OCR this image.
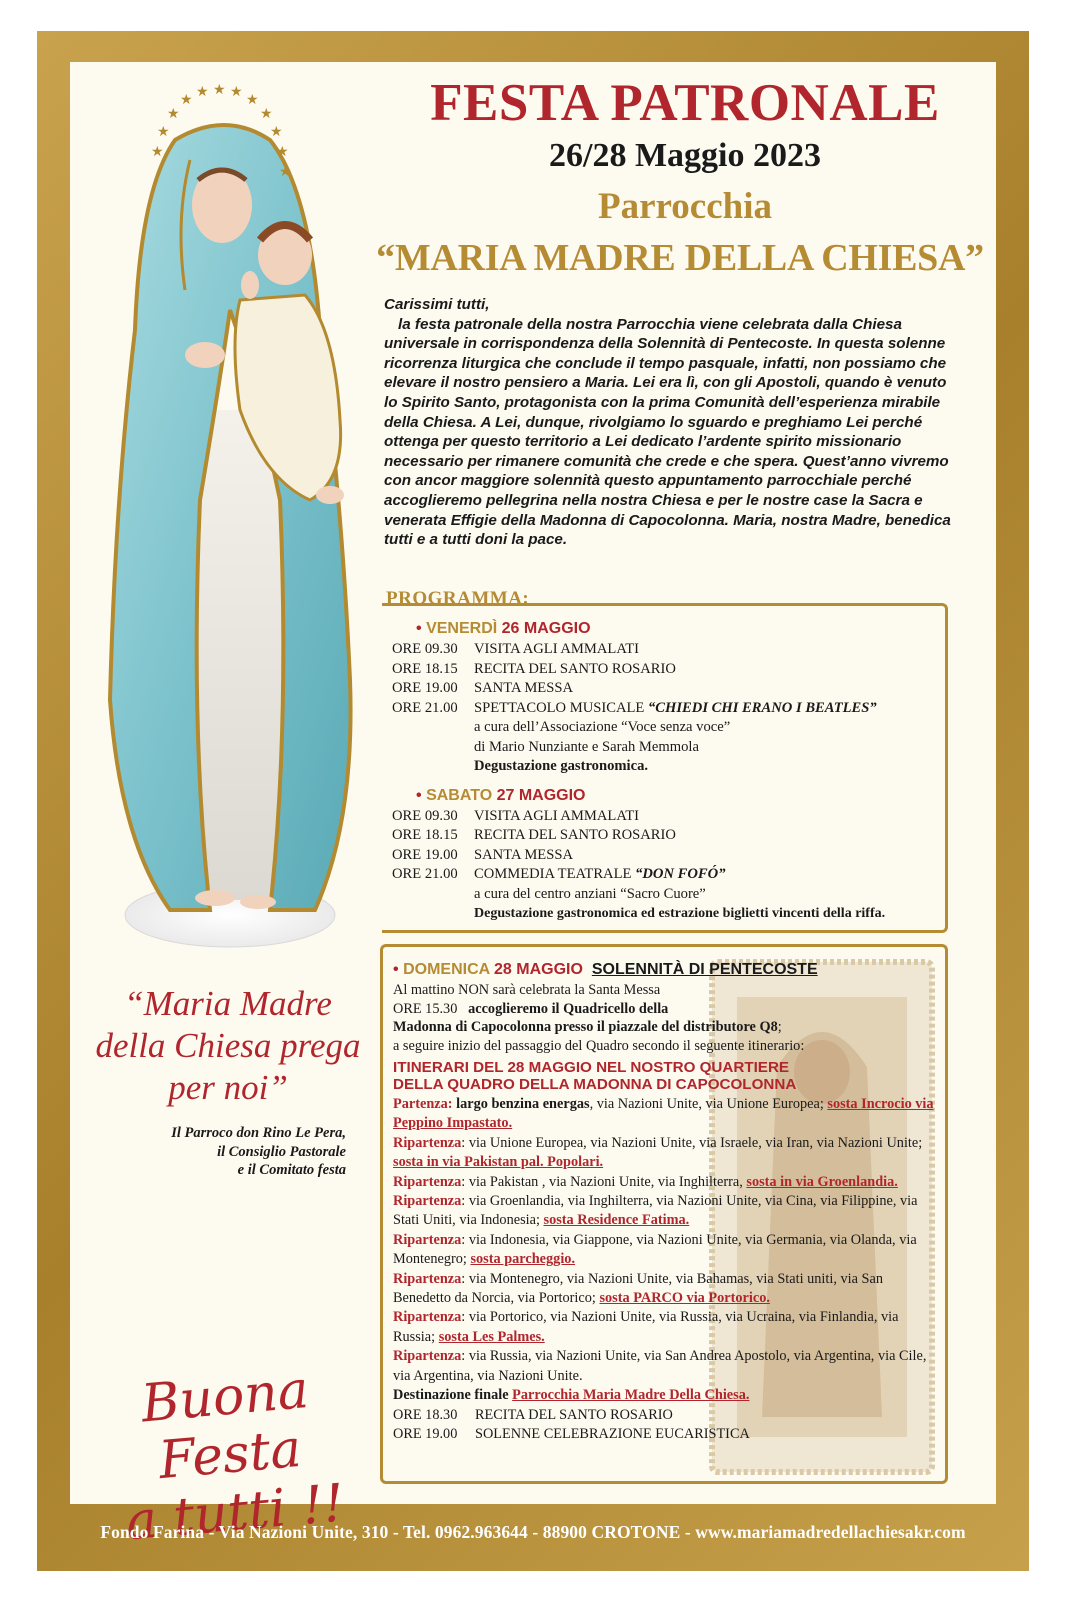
★
★
★
★
★ ★ ★
★
★
★
★
★
FESTA PATRONALE
26/28 Maggio 2023
Parrocchia
“MARIA MADRE DELLA CHIESA”
Carissimi tutti,
la festa patronale della nostra Parrocchia viene celebrata dalla Chiesa universale in corrispondenza della Solennità di Pentecoste. In questa solenne ricorrenza liturgica che conclude il tempo pasquale, infatti, non possiamo che elevare il nostro pensiero a Maria. Lei era lì, con gli Apostoli, quando è venuto lo Spirito Santo, protagonista con la prima Comunità dell’esperienza mirabile della Chiesa. A Lei, dunque, rivolgiamo lo sguardo e preghiamo Lei perché ottenga per questo territorio a Lei dedicato l’ardente spirito missionario necessario per rimanere comunità che crede e che spera. Quest’anno vivremo con ancor maggiore solennità questo appuntamento parrocchiale perché accoglieremo pellegrina nella nostra Chiesa e per le nostre case la Sacra e venerata Effigie della Madonna di Capocolonna. Maria, nostra Madre, benedica tutti e a tutti doni la pace.
PROGRAMMA:
• VENERDÌ 26 MAGGIO
ORE 09.30	VISITA AGLI AMMALATI
ORE 18.15	RECITA DEL SANTO ROSARIO
ORE 19.00	SANTA MESSA
ORE 21.00	SPETTACOLO MUSICALE “CHIEDI CHI ERANO I BEATLES”
a cura dell’Associazione “Voce senza voce”
di Mario Nunziante e Sarah Memmola
Degustazione gastronomica.
• SABATO 27 MAGGIO
ORE 09.30	VISITA AGLI AMMALATI
ORE 18.15	RECITA DEL SANTO ROSARIO
ORE 19.00	SANTA MESSA
ORE 21.00	COMMEDIA TEATRALE “DON FOFÓ”
a cura del centro anziani “Sacro Cuore”
Degustazione gastronomica ed estrazione biglietti vincenti della riffa.
“Maria Madre della Chiesa prega per noi”
Il Parroco don Rino Le Pera,
il Consiglio Pastorale
e il Comitato festa
Buona Festa
a tutti !!
• DOMENICA 28 MAGGIO SOLENNITÀ DI PENTECOSTE
Al mattino NON sarà celebrata la Santa Messa
ORE 15.30 accoglieremo il Quadricello della
Madonna di Capocolonna presso il piazzale del distributore Q8;
a seguire inizio del passaggio del Quadro secondo il seguente itinerario:
ITINERARI DEL 28 MAGGIO NEL NOSTRO QUARTIERE
DELLA QUADRO DELLA MADONNA DI CAPOCOLONNA
Partenza: largo benzina energas, via Nazioni Unite, via Unione Europea; sosta Incrocio via Peppino Impastato.
Ripartenza: via Unione Europea, via Nazioni Unite, via Israele, via Iran, via Nazioni Unite; sosta in via Pakistan pal. Popolari.
Ripartenza: via Pakistan , via Nazioni Unite, via Inghilterra, sosta in via Groenlandia.
Ripartenza: via Groenlandia, via Inghilterra, via Nazioni Unite, via Cina, via Filippine, via Stati Uniti, via Indonesia; sosta Residence Fatima.
Ripartenza: via Indonesia, via Giappone, via Nazioni Unite, via Germania, via Olanda, via Montenegro; sosta parcheggio.
Ripartenza: via Montenegro, via Nazioni Unite, via Bahamas, via Stati uniti, via San Benedetto da Norcia, via Portorico; sosta PARCO via Portorico.
Ripartenza: via Portorico, via Nazioni Unite, via Russia, via Ucraina, via Finlandia, via Russia; sosta Les Palmes.
Ripartenza: via Russia, via Nazioni Unite, via San Andrea Apostolo, via Argentina, via Cile, via Argentina, via Nazioni Unite.
Destinazione finale Parrocchia Maria Madre Della Chiesa.
ORE 18.30	RECITA DEL SANTO ROSARIO
ORE 19.00	SOLENNE CELEBRAZIONE EUCARISTICA
Fondo Farina - Via Nazioni Unite, 310 - Tel. 0962.963644 - 88900 CROTONE - www.mariamadredellachiesakr.com
